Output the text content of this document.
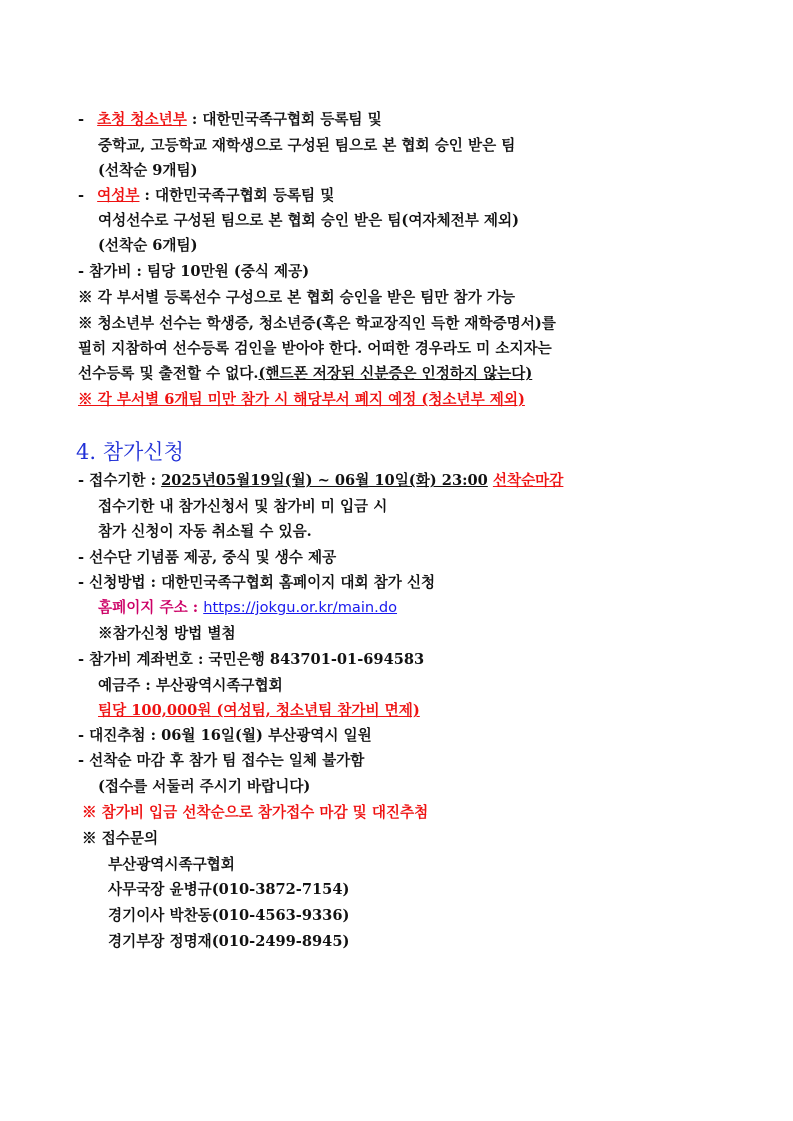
- 초청 청소년부 : 대한민국족구협회 등록팀 및
중학교, 고등학교 재학생으로 구성된 팀으로 본 협회 승인 받은 팀
(선착순 9개팀)
- 여성부 : 대한민국족구협회 등록팀 및
여성선수로 구성된 팀으로 본 협회 승인 받은 팀(여자체전부 제외)
(선착순 6개팀)
- 참가비 : 팀당 10만원 (중식 제공)
※ 각 부서별 등록선수 구성으로 본 협회 승인을 받은 팀만 참가 가능
※ 청소년부 선수는 학생증, 청소년증(혹은 학교장직인 득한 재학증명서)를
필히 지참하여 선수등록 검인을 받아야 한다. 어떠한 경우라도 미 소지자는
선수등록 및 출전할 수 없다.(핸드폰 저장된 신분증은 인정하지 않는다)
※ 각 부서별 6개팀 미만 참가 시 해당부서 폐지 예정 (청소년부 제외)
4. 참가신청
- 접수기한 : 2025년05월19일(월) ~ 06월 10일(화) 23:00 선착순마감
접수기한 내 참가신청서 및 참가비 미 입금 시
참가 신청이 자동 취소될 수 있음.
- 선수단 기념품 제공, 중식 및 생수 제공
- 신청방법 : 대한민국족구협회 홈페이지 대회 참가 신청
홈페이지 주소 : https://jokgu.or.kr/main.do
※참가신청 방법 별첨
- 참가비 계좌번호 : 국민은행 843701-01-694583
예금주 : 부산광역시족구협회
팀당 100,000원 (여성팀, 청소년팀 참가비 면제)
- 대진추첨 : 06월 16일(월) 부산광역시 일원
- 선착순 마감 후 참가 팀 접수는 일체 불가함
(접수를 서둘러 주시기 바랍니다)
※ 참가비 입금 선착순으로 참가접수 마감 및 대진추첨
※ 접수문의
부산광역시족구협회
사무국장 윤병규(010-3872-7154)
경기이사 박찬동(010-4563-9336)
경기부장 정명재(010-2499-8945)
